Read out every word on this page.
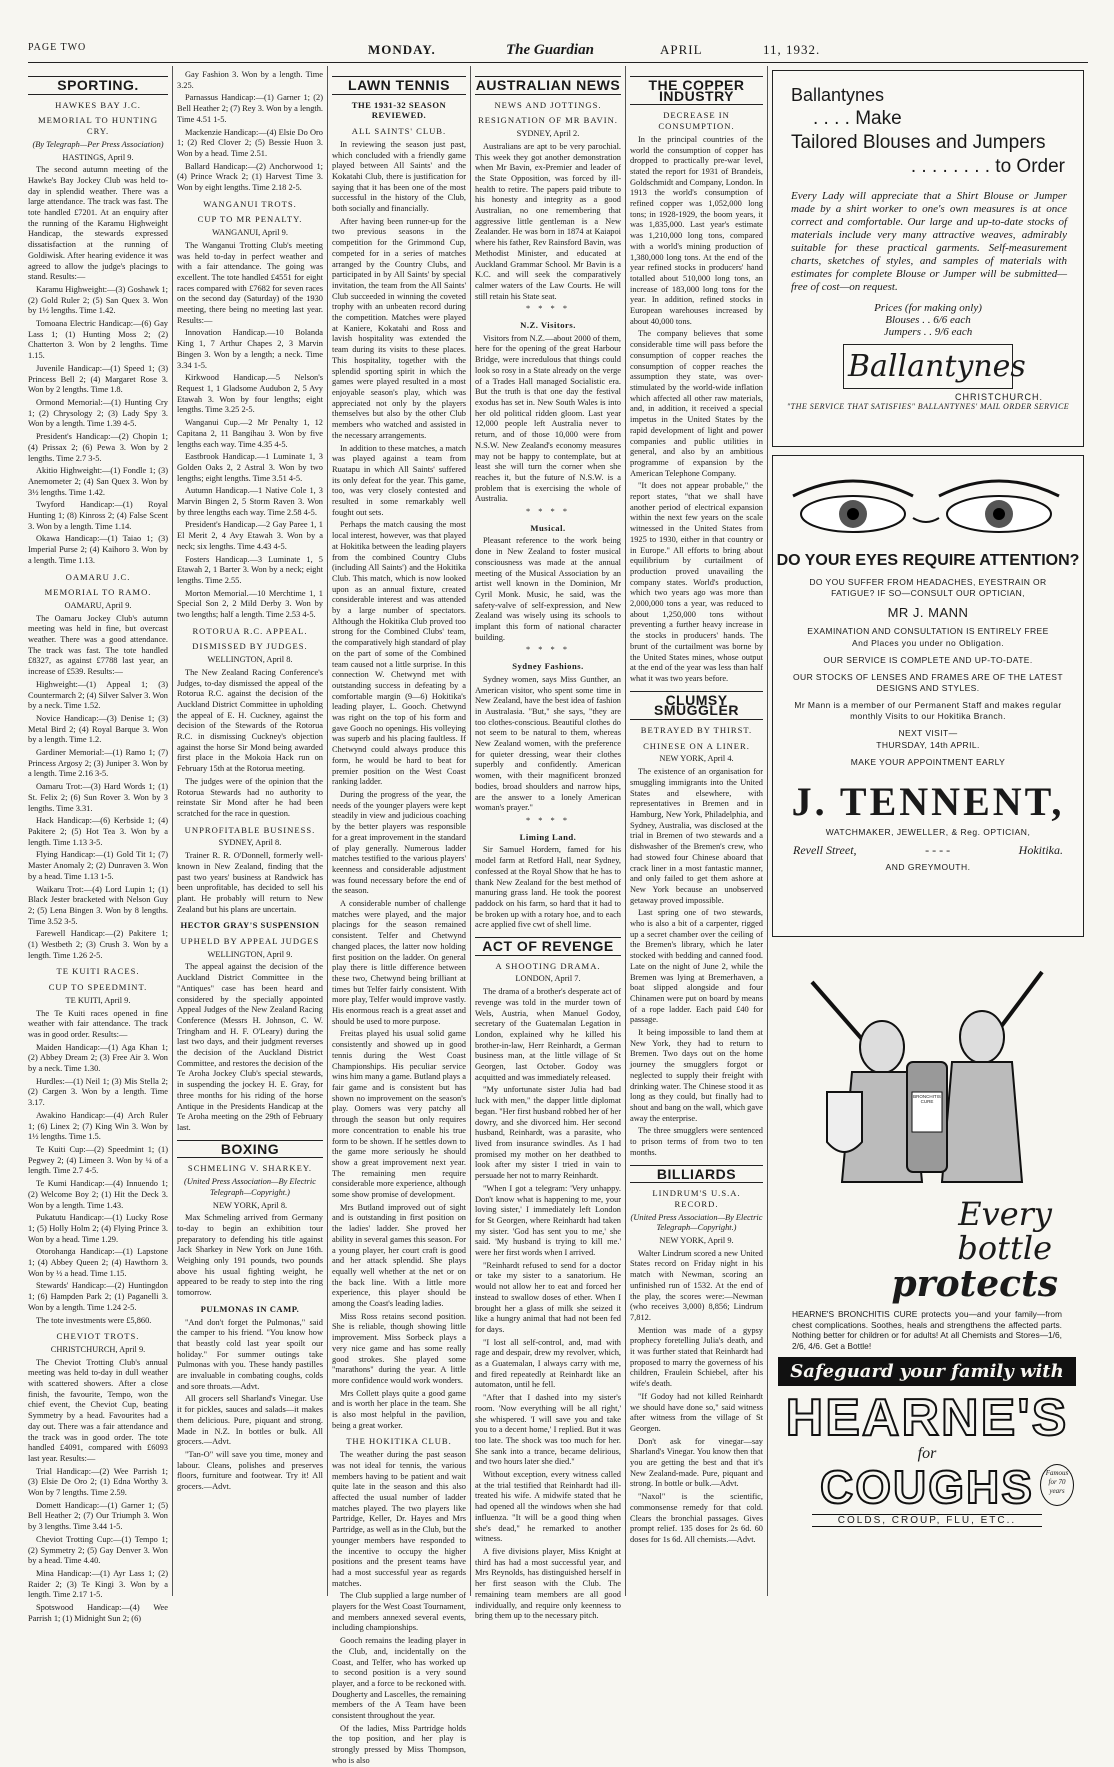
PAGE TWO	MONDAY.	The Guardian	APRIL	11, 1932.
SPORTING.
HAWKES BAY J.C.
MEMORIAL TO HUNTING CRY.
(By Telegraph—Per Press Association)
HASTINGS, April 9.

The second autumn meeting of the Hawke's Bay Jockey Club was held to-day in splendid weather. There was a large attendance. The track was fast. The tote handled £7201. At an enquiry after the running of the Karamu Highweight Handicap, the stewards expressed dissatisfaction at the running of Goldiwisk. After hearing evidence it was agreed to allow the judge's placings to stand. Results:—

Karamu Highweight:—(3) Goshawk 1; (2) Gold Ruler 2; (5) San Quex 3. Won by 1½ lengths. Time 1.42.

Tomoana Electric Handicap:—(6) Gay Lass 1; (1) Hunting Moss 2; (2) Chatterton 3. Won by 2 lengths. Time 1.15.

Juvenile Handicap:—(1) Speed 1; (3) Princess Bell 2; (4) Margaret Rose 3. Won by 2 lengths. Time 1.8.

Ormond Memorial:—(1) Hunting Cry 1; (2) Chrysology 2; (3) Lady Spy 3. Won by a length. Time 1.39 4-5.

President's Handicap:—(2) Chopin 1; (4) Prissax 2; (6) Pewa 3. Won by 2 lengths. Time 2.7 3-5.

Akitio Highweight:—(1) Fondle 1; (3) Anemometer 2; (4) San Quex 3. Won by 3½ lengths. Time 1.42.

Twyford Handicap:—(1) Royal Hunting 1; (8) Kinross 2; (4) False Scent 3. Won by a length. Time 1.14.

Okawa Handicap:—(1) Taiao 1; (3) Imperial Purse 2; (4) Kaihoro 3. Won by a length. Time 1.13.

OAMARU J.C.
MEMORIAL TO RAMO.
OAMARU, April 9.

The Oamaru Jockey Club's autumn meeting was held in fine, but overcast weather. There was a good attendance. The track was fast. The tote handled £8327, as against £7788 last year, an increase of £539. Results:—

Highweight:—(1) Appeal 1; (3) Countermarch 2; (4) Silver Salver 3. Won by a neck. Time 1.52.

Novice Handicap:—(3) Denise 1; (3) Metal Bird 2; (4) Royal Barque 3. Won by a length. Time 1.2.

Gardiner Memorial:—(1) Ramo 1; (7) Princess Argosy 2; (3) Juniper 3. Won by a length. Time 2.16 3-5.

Oamaru Trot:—(3) Hard Words 1; (1) St. Felix 2; (6) Sun Rover 3. Won by 3 lengths. Time 3.31.

Hack Handicap:—(6) Kerbside 1; (4) Pakitere 2; (5) Hot Tea 3. Won by a length. Time 1.13 3-5.

Flying Handicap:—(1) Gold Tit 1; (7) Master Anomaly 2; (2) Dunraven 3. Won by a head. Time 1.13 1-5.

Waikaru Trot:—(4) Lord Lupin 1; (1) Black Jester bracketed with Nelson Guy 2; (5) Lena Bingen 3. Won by 8 lengths. Time 3.52 3-5.

Farewell Handicap:—(2) Pakitere 1; (1) Westbeth 2; (3) Crush 3. Won by a length. Time 1.26 2-5.

TE KUITI RACES.
CUP TO SPEEDMINT.
TE KUITI, April 9.

The Te Kuiti races opened in fine weather with fair attendance. The track was in good order. Results:—

Maiden Handicap:—(1) Aga Khan 1; (2) Abbey Dream 2; (3) Free Air 3. Won by a neck. Time 1.30.

Hurdles:—(1) Neil 1; (3) Mis Stella 2; (2) Cargen 3. Won by a length. Time 3.17.

Awakino Handicap:—(4) Arch Ruler 1; (6) Linex 2; (7) King Win 3. Won by 1½ lengths. Time 1.5.

Te Kuiti Cup:—(2) Speedmint 1; (1) Pegwey 2; (4) Limeen 3. Won by ¼ of a length. Time 2.7 4-5.

Te Kumi Handicap:—(4) Innuendo 1; (2) Welcome Boy 2; (1) Hit the Deck 3. Won by a length. Time 1.43.

Pukatutu Handicap:—(1) Lucky Rose 1; (5) Holly Holm 2; (4) Flying Prince 3. Won by a head. Time 1.29.

Otorohanga Handicap:—(1) Lapstone 1; (4) Abbey Queen 2; (4) Hawthorn 3. Won by ½ a head. Time 1.15.

Stewards' Handicap:—(2) Huntingdon 1; (6) Hampden Park 2; (1) Paganelli 3. Won by a length. Time 1.24 2-5.

The tote investments were £5,860.

CHEVIOT TROTS.
CHRISTCHURCH, April 9.

The Cheviot Trotting Club's annual meeting was held to-day in dull weather with scattered showers. After a close finish, the favourite, Tempo, won the chief event, the Cheviot Cup, beating Symmetry by a head. Favourites had a day out. There was a fair attendance and the track was in good order. The tote handled £4091, compared with £6093 last year. Results:—

Trial Handicap:—(2) Wee Parrish 1; (3) Elsie De Oro 2; (1) Edna Worthy 3. Won by 7 lengths. Time 2.59.

Domett Handicap:—(1) Garner 1; (5) Bell Heather 2; (7) Our Triumph 3. Won by 3 lengths. Time 3.44 1-5.

Cheviot Trotting Cup:—(1) Tempo 1; (2) Symmetry 2; (5) Gay Denver 3. Won by a head. Time 4.40.

Mina Handicap:—(1) Ayr Lass 1; (2) Raider 2; (3) Te Kingi 3. Won by a length. Time 2.17 1-5.

Spotswood Handicap:—(4) Wee Parrish 1; (1) Midnight Sun 2; (6)

Gay Fashion 3. Won by a length. Time 3.25.

Parnassus Handicap:—(1) Garner 1; (2) Bell Heather 2; (7) Rey 3. Won by a length. Time 4.51 1-5.

Mackenzie Handicap:—(4) Elsie Do Oro 1; (2) Red Clover 2; (5) Bessie Huon 3. Won by a head. Time 2.51.

Ballard Handicap:—(2) Anchorwood 1; (4) Prince Wrack 2; (1) Harvest Time 3. Won by eight lengths. Time 2.18 2-5.

WANGANUI TROTS.
CUP TO MR PENALTY.
WANGANUI, April 9.

The Wanganui Trotting Club's meeting was held to-day in perfect weather and with a fair attendance. The going was excellent. The tote handled £4551 for eight races compared with £7682 for seven races on the second day (Saturday) of the 1930 meeting, there being no meeting last year. Results:—

Innovation Handicap.—10 Bolanda King 1, 7 Arthur Chapes 2, 3 Marvin Bingen 3. Won by a length; a neck. Time 3.34 1-5.

Kirkwood Handicap.—5 Nelson's Request 1, 1 Gladsome Audubon 2, 5 Avy Etawah 3. Won by four lengths; eight lengths. Time 3.25 2-5.

Wanganui Cup.—2 Mr Penalty 1, 12 Capitana 2, 11 Bangihau 3. Won by five lengths each way. Time 4.35 4-5.

Eastbrook Handicap.—1 Luminate 1, 3 Golden Oaks 2, 2 Astral 3. Won by two lengths; eight lengths. Time 3.51 4-5.

Autumn Handicap.—1 Native Cole 1, 3 Marvin Bingen 2, 5 Storm Raven 3. Won by three lengths each way. Time 2.58 4-5.

President's Handicap.—2 Gay Paree 1, 1 El Merit 2, 4 Avy Etawah 3. Won by a neck; six lengths. Time 4.43 4-5.

Fosters Handicap.—3 Luminate 1, 5 Etawah 2, 1 Barter 3. Won by a neck; eight lengths. Time 2.55.

Morton Memorial.—10 Merchtime 1, 1 Special Son 2, 2 Mild Derby 3. Won by two lengths; half a length. Time 2.53 4-5.

ROTORUA R.C. APPEAL.
DISMISSED BY JUDGES.
WELLINGTON, April 8.

The New Zealand Racing Conference's Judges, to-day dismissed the appeal of the Rotorua R.C. against the decision of the Auckland District Committee in upholding the appeal of E. H. Cuckney, against the decision of the Stewards of the Rotorua R.C. in dismissing Cuckney's objection against the horse Sir Mond being awarded first place in the Mokoia Hack run on February 15th at the Rotorua meeting.

The judges were of the opinion that the Rotorua Stewards had no authority to reinstate Sir Mond after he had been scratched for the race in question.

UNPROFITABLE BUSINESS.
SYDNEY, April 8.

Trainer R. R. O'Donnell, formerly well-known in New Zealand, finding that the past two years' business at Randwick has been unprofitable, has decided to sell his plant. He probably will return to New Zealand but his plans are uncertain.

HECTOR GRAY'S SUSPENSION
UPHELD BY APPEAL JUDGES
WELLINGTON, April 9.

The appeal against the decision of the Auckland District Committee in the "Antiques" case has been heard and considered by the specially appointed Appeal Judges of the New Zealand Racing Conference (Messrs H. Johnson, C. W. Tringham and H. F. O'Leary) during the last two days, and their judgment reverses the decision of the Auckland District Committee, and restores the decision of the Te Aroha Jockey Club's special stewards, in suspending the jockey H. E. Gray, for three months for his riding of the horse Antique in the Presidents Handicap at the Te Aroha meeting on the 29th of February last.

BOXING
SCHMELING V. SHARKEY.
(United Press Association—By Electric Telegraph—Copyright.)
NEW YORK, April 8.

Max Schmeling arrived from Germany to-day to begin an exhibition tour preparatory to defending his title against Jack Sharkey in New York on June 16th. Weighing only 191 pounds, two pounds above his usual fighting weight, he appeared to be ready to step into the ring tomorrow.

PULMONAS IN CAMP.

"And don't forget the Pulmonas," said the camper to his friend. "You know how that beastly cold last year spoilt our holiday." For summer outings take Pulmonas with you. These handy pastilles are invaluable in combating coughs, colds and sore throats.—Advt.

All grocers sell Sharland's Vinegar. Use it for pickles, sauces and salads—it makes them delicious. Pure, piquant and strong. Made in N.Z. In bottles or bulk. All grocers.—Advt.

"Tan-O" will save you time, money and labour. Cleans, polishes and preserves floors, furniture and footwear. Try it! All grocers.—Advt.

LAWN TENNIS
THE 1931-32 SEASON REVIEWED.
ALL SAINTS' CLUB.

In reviewing the season just past, which concluded with a friendly game played between All Saints' and the Kokatahi Club, there is justification for saying that it has been one of the most successful in the history of the Club, both socially and financially.

After having been runner-up for the two previous seasons in the competition for the Grimmond Cup, competed for in a series of matches arranged by the Country Clubs, and participated in by All Saints' by special invitation, the team from the All Saints' Club succeeded in winning the coveted trophy with an unbeaten record during the competition. Matches were played at Kaniere, Kokatahi and Ross and lavish hospitality was extended the team during its visits to these places. This hospitality, together with the splendid sporting spirit in which the games were played resulted in a most enjoyable season's play, which was appreciated not only by the players themselves but also by the other Club members who watched and assisted in the necessary arrangements.

In addition to these matches, a match was played against a team from Ruatapu in which All Saints' suffered its only defeat for the year. This game, too, was very closely contested and resulted in some remarkably well fought out sets.

Perhaps the match causing the most local interest, however, was that played at Hokitika between the leading players from the combined Country Clubs (including All Saints') and the Hokitika Club. This match, which is now looked upon as an annual fixture, created considerable interest and was attended by a large number of spectators. Although the Hokitika Club proved too strong for the Combined Clubs' team, the comparatively high standard of play on the part of some of the Combined team caused not a little surprise. In this connection W. Chetwynd met with outstanding success in defeating by a comfortable margin (9—6) Hokitika's leading player, L. Gooch. Chetwynd was right on the top of his form and gave Gooch no openings. His volleying was superb and his placing faultless. If Chetwynd could always produce this form, he would be hard to beat for premier position on the West Coast ranking ladder.

During the progress of the year, the needs of the younger players were kept steadily in view and judicious coaching by the better players was responsible for a great improvement in the standard of play generally. Numerous ladder matches testified to the various players' keenness and considerable adjustment was found necessary before the end of the season.

A considerable number of challenge matches were played, and the major placings for the season remained consistent. Telfer and Chetwynd changed places, the latter now holding first position on the ladder. On general play there is little difference between these two, Chetwynd being brilliant at times but Telfer fairly consistent. With more play, Telfer would improve vastly. His enormous reach is a great asset and should be used to more purpose.

Freitas played his usual solid game consistently and showed up in good tennis during the West Coast Championships. His peculiar service wins him many a game. Butland plays a fair game and is consistent but has shown no improvement on the season's play. Oomers was very patchy all through the season but only requires more concentration to enable his true form to be shown. If he settles down to the game more seriously he should show a great improvement next year. The remaining men require considerable more experience, although some show promise of development.

Mrs Butland improved out of sight and is outstanding in first position on the ladies' ladder. She proved her ability in several games this season. For a young player, her court craft is good and her attack splendid. She plays equally well whether at the net or on the back line. With a little more experience, this player should be among the Coast's leading ladies.

Miss Ross retains second position. She is reliable, though showing little improvement. Miss Sorbeck plays a very nice game and has some really good strokes. She played some "marathons" during the year. A little more confidence would work wonders.

Mrs Collett plays quite a good game and is worth her place in the team. She is also most helpful in the pavilion, being a great worker.

THE HOKITIKA CLUB.

The weather during the past season was not ideal for tennis, the various members having to be patient and wait quite late in the season and this also affected the usual number of ladder matches played. The two players like Partridge, Keller, Dr. Hayes and Mrs Partridge, as well as in the Club, but the younger members have responded to the incentive to occupy the higher positions and the present teams have had a most successful year as regards matches.

The Club supplied a large number of players for the West Coast Tournament, and members annexed several events, including championships.

Gooch remains the leading player in the Club, and, incidentally on the Coast, and Telfer, who has worked up to second position is a very sound player, and a force to be reckoned with. Dougherty and Lascelles, the remaining members of the A Team have been consistent throughout the year.

Of the ladies, Miss Partridge holds the top position, and her play is strongly pressed by Miss Thompson, who is also

AUSTRALIAN NEWS
NEWS AND JOTTINGS.
RESIGNATION OF MR BAVIN.
SYDNEY, April 2.

Australians are apt to be very parochial. This week they got another demonstration when Mr Bavin, ex-Premier and leader of the State Opposition, was forced by ill-health to retire. The papers paid tribute to his honesty and integrity as a good Australian, no one remembering that aggressive little gentleman is a New Zealander. He was born in 1874 at Kaiapoi where his father, Rev Rainsford Bavin, was Methodist Minister, and educated at Auckland Grammar School. Mr Bavin is a K.C. and will seek the comparatively calmer waters of the Law Courts. He will still retain his State seat.

* * * *
N.Z. Visitors.

Visitors from N.Z.—about 2000 of them, here for the opening of the great Harbour Bridge, were incredulous that things could look so rosy in a State already on the verge of a Trades Hall managed Socialistic era. But the truth is that one day the festival exodus has set in. New South Wales is into her old political ridden gloom. Last year 12,000 people left Australia never to return, and of those 10,000 were from N.S.W. New Zealand's economy measures may not be happy to contemplate, but at least she will turn the corner when she reaches it, but the future of N.S.W. is a problem that is exercising the whole of Australia.

* * * *
Musical.

Pleasant reference to the work being done in New Zealand to foster musical consciousness was made at the annual meeting of the Musical Association by an artist well known in the Dominion, Mr Cyril Monk. Music, he said, was the safety-valve of self-expression, and New Zealand was wisely using its schools to implant this form of national character building.

* * * *
Sydney Fashions.

Sydney women, says Miss Gunther, an American visitor, who spent some time in New Zealand, have the best idea of fashion in Australasia. "But," she says, "they are too clothes-conscious. Beautiful clothes do not seem to be natural to them, whereas New Zealand women, with the preference for quieter dressing, wear their clothes superbly and confidently. American women, with their magnificent bronzed bodies, broad shoulders and narrow hips, are the answer to a lonely American woman's prayer."

* * * *
Liming Land.

Sir Samuel Hordern, famed for his model farm at Retford Hall, near Sydney, confessed at the Royal Show that he has to thank New Zealand for the best method of manuring grass land. He took the poorest paddock on his farm, so hard that it had to be broken up with a rotary hoe, and to each acre applied five cwt of shell lime.

ACT OF REVENGE
A SHOOTING DRAMA.
LONDON, April 7.

The drama of a brother's desperate act of revenge was told in the murder town of Wels, Austria, when Manuel Godoy, secretary of the Guatemalan Legation in London, explained why he killed his brother-in-law, Herr Reinhardt, a German business man, at the little village of St Georgen, last October. Godoy was acquitted and was immediately released.

"My unfortunate sister Julia had bad luck with men," the dapper little diplomat began. "Her first husband robbed her of her dowry, and she divorced him. Her second husband, Reinhardt, was a parasite, who lived from insurance swindles. As I had promised my mother on her deathbed to look after my sister I tried in vain to persuade her not to marry Reinhardt.

"When I got a telegram: 'Very unhappy. Don't know what is happening to me, your loving sister,' I immediately left London for St Georgen, where Reinhardt had taken my sister. 'God has sent you to me,' she said. 'My husband is trying to kill me.' were her first words when I arrived.

"Reinhardt refused to send for a doctor or take my sister to a sanatorium. He would not allow her to eat and forced her instead to swallow doses of ether. When I brought her a glass of milk she seized it like a hungry animal that had not been fed for days.

"I lost all self-control, and, mad with rage and despair, drew my revolver, which, as a Guatemalan, I always carry with me, and fired repeatedly at Reinhardt like an automaton, until he fell.

"After that I dashed into my sister's room. 'Now everything will be all right,' she whispered. 'I will save you and take you to a decent home,' I replied. But it was too late. The shock was too much for her. She sank into a trance, became delirious, and two hours later she died."

Without exception, every witness called at the trial testified that Reinhardt had ill-treated his wife. A midwife stated that he had opened all the windows when she had influenza. "It will be a good thing when she's dead," he remarked to another witness.

A five divisions player, Miss Knight at third has had a most successful year, and Mrs Reynolds, has distinguished herself in her first season with the Club. The remaining team members are all good individually, and require only keenness to bring them up to the necessary pitch.

THE COPPER INDUSTRY
DECREASE IN CONSUMPTION.

In the principal countries of the world the consumption of copper has dropped to practically pre-war level, stated the report for 1931 of Brandeis, Goldschmidt and Company, London. In 1913 the world's consumption of refined copper was 1,052,000 long tons; in 1928-1929, the boom years, it was 1,835,000. Last year's estimate was 1,210,000 long tons, compared with a world's mining production of 1,380,000 long tons. At the end of the year refined stocks in producers' hand totalled about 510,000 long tons, an increase of 183,000 long tons for the year. In addition, refined stocks in European warehouses increased by about 40,000 tons.

The company believes that some considerable time will pass before the consumption of copper reaches the consumption of copper reaches the assumption they state, was over-stimulated by the world-wide inflation which affected all other raw materials, and, in addition, it received a special impetus in the United States by the rapid development of light and power companies and public utilities in general, and also by an ambitious programme of expansion by the American Telephone Company.

"It does not appear probable," the report states, "that we shall have another period of electrical expansion within the next few years on the scale witnessed in the United States from 1925 to 1930, either in that country or in Europe." All efforts to bring about equilibrium by curtailment of production proved unavailing the company states. World's production, which two years ago was more than 2,000,000 tons a year, was reduced to about 1,250,000 tons without preventing a further heavy increase in the stocks in producers' hands. The brunt of the curtailment was borne by the United States mines, whose output at the end of the year was less than half what it was two years before.

CLUMSY SMUGGLER
BETRAYED BY THIRST.
CHINESE ON A LINER.
NEW YORK, April 4.

The existence of an organisation for smuggling immigrants into the United States and elsewhere, with representatives in Bremen and in Hamburg, New York, Philadelphia, and Sydney, Australia, was disclosed at the trial in Bremen of two stewards and a dishwasher of the Bremen's crew, who had stowed four Chinese aboard that crack liner in a most fantastic manner, and only failed to get them ashore at New York because an unobserved getaway proved impossible.

Last spring one of two stewards, who is also a bit of a carpenter, rigged up a secret chamber over the ceiling of the Bremen's library, which he later stocked with bedding and canned food. Late on the night of June 2, while the Bremen was lying at Bremerhaven, a boat slipped alongside and four Chinamen were put on board by means of a rope ladder. Each paid £40 for passage.

It being impossible to land them at New York, they had to return to Bremen. Two days out on the home journey the smugglers forgot or neglected to supply their freight with drinking water. The Chinese stood it as long as they could, but finally had to shout and bang on the wall, which gave away the enterprise.

The three smugglers were sentenced to prison terms of from two to ten months.

BILLIARDS
LINDRUM'S U.S.A. RECORD.
(United Press Association—By Electric Telegraph—Copyright.)
NEW YORK, April 9.

Walter Lindrum scored a new United States record on Friday night in his match with Newman, scoring an unfinished run of 1532. At the end of the play, the scores were:—Newman (who receives 3,000) 8,856; Lindrum 7,812.

Mention was made of a gypsy prophecy foretelling Julia's death, and it was further stated that Reinhardt had proposed to marry the governess of his children, Fraulein Schiebel, after his wife's death.

"If Godoy had not killed Reinhardt we should have done so," said witness after witness from the village of St Georgen.

Don't ask for vinegar—say Sharland's Vinegar. You know then that you are getting the best and that it's New Zealand-made. Pure, piquant and strong. In bottle or bulk.—Advt.

"Naxol" is the scientific, commonsense remedy for that cold. Clears the bronchial passages. Gives prompt relief. 135 doses for 2s 6d. 60 doses for 1s 6d. All chemists.—Advt.

Ballantynes
. . . . Make
Tailored Blouses and Jumpers
. . . . . . . . to Order
Every Lady will appreciate that a Shirt Blouse or Jumper made by a shirt worker to one's own measures is at once correct and comfortable. Our large and up-to-date stocks of materials include very many attractive weaves, admirably suitable for these practical garments. Self-measurement charts, sketches of styles, and samples of materials with estimates for complete Blouse or Jumper will be submitted—free of cost—on request.
Prices (for making only)
Blouses . . 6/6 each
Jumpers . . 9/6 each
Ballantynes
CHRISTCHURCH.
"THE SERVICE THAT SATISFIES" BALLANTYNES' MAIL ORDER SERVICE
DO YOUR EYES REQUIRE ATTENTION?
DO YOU SUFFER FROM HEADACHES, EYESTRAIN OR FATIGUE? IF SO—CONSULT OUR OPTICIAN,
MR J. MANN
EXAMINATION AND CONSULTATION IS ENTIRELY FREE
And Places you under no Obligation.
OUR SERVICE IS COMPLETE AND UP-TO-DATE.
OUR STOCKS OF LENSES AND FRAMES ARE OF THE LATEST DESIGNS AND STYLES.
Mr Mann is a member of our Permanent Staff and makes regular monthly Visits to our Hokitika Branch.
NEXT VISIT—
THURSDAY, 14th APRIL.
MAKE YOUR APPOINTMENT EARLY
J. TENNENT,
WATCHMAKER, JEWELLER, & Reg. OPTICIAN,
Revell Street,	- - - -	Hokitika.
AND GREYMOUTH.
BRONCHITIS CURE
Every
bottle
protects
HEARNE'S BRONCHITIS CURE protects you—and your family—from chest complications. Soothes, heals and strengthens the affected parts. Nothing better for children or for adults! At all Chemists and Stores—1/6, 2/6, 4/6. Get a Bottle!
Safeguard your family with
HEARNE'S
for
COUGHS	Famous for 70 years
COLDS, CROUP, FLU, ETC..
